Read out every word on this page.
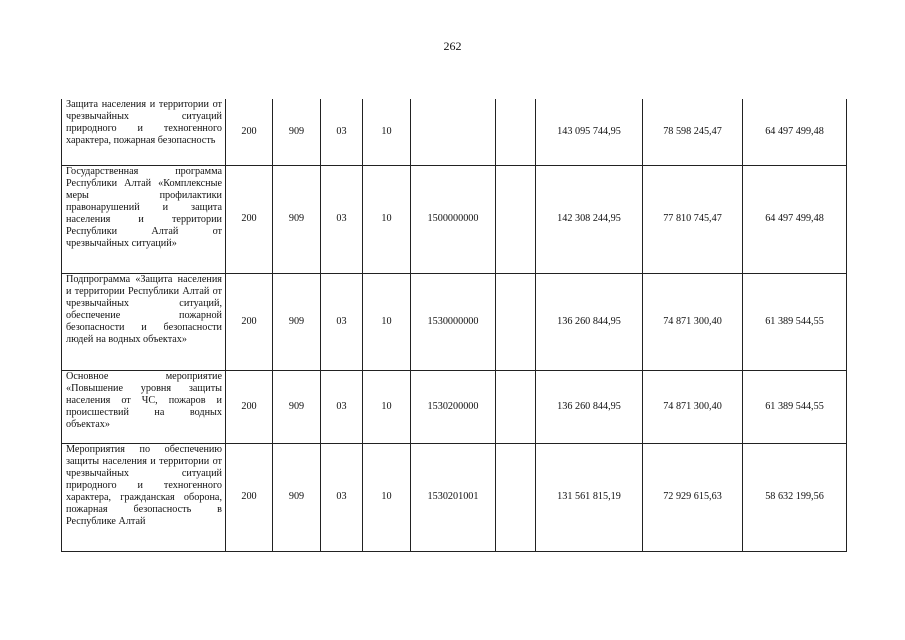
262
Защита населения и территории от чрезвычайных ситуаций природного и техногенного характера, пожарная безопасность	200	909	03	10			143 095 744,95	78 598 245,47	64 497 499,48
Государственная программа Республики Алтай «Комплексные меры профилактики правонарушений и защита населения и территории Республики Алтай от чрезвычайных ситуаций»	200	909	03	10	1500000000		142 308 244,95	77 810 745,47	64 497 499,48
Подпрограмма «Защита населения и территории Республики Алтай от чрезвычайных ситуаций, обеспечение пожарной безопасности и безопасности людей на водных объектах»	200	909	03	10	1530000000		136 260 844,95	74 871 300,40	61 389 544,55
Основное мероприятие «Повышение уровня защиты населения от ЧС, пожаров и происшествий на водных объектах»	200	909	03	10	1530200000		136 260 844,95	74 871 300,40	61 389 544,55
Мероприятия по обеспечению защиты населения и территории от чрезвычайных ситуаций природного и техногенного характера, гражданская оборона, пожарная безопасность в Республике Алтай	200	909	03	10	1530201001		131 561 815,19	72 929 615,63	58 632 199,56
